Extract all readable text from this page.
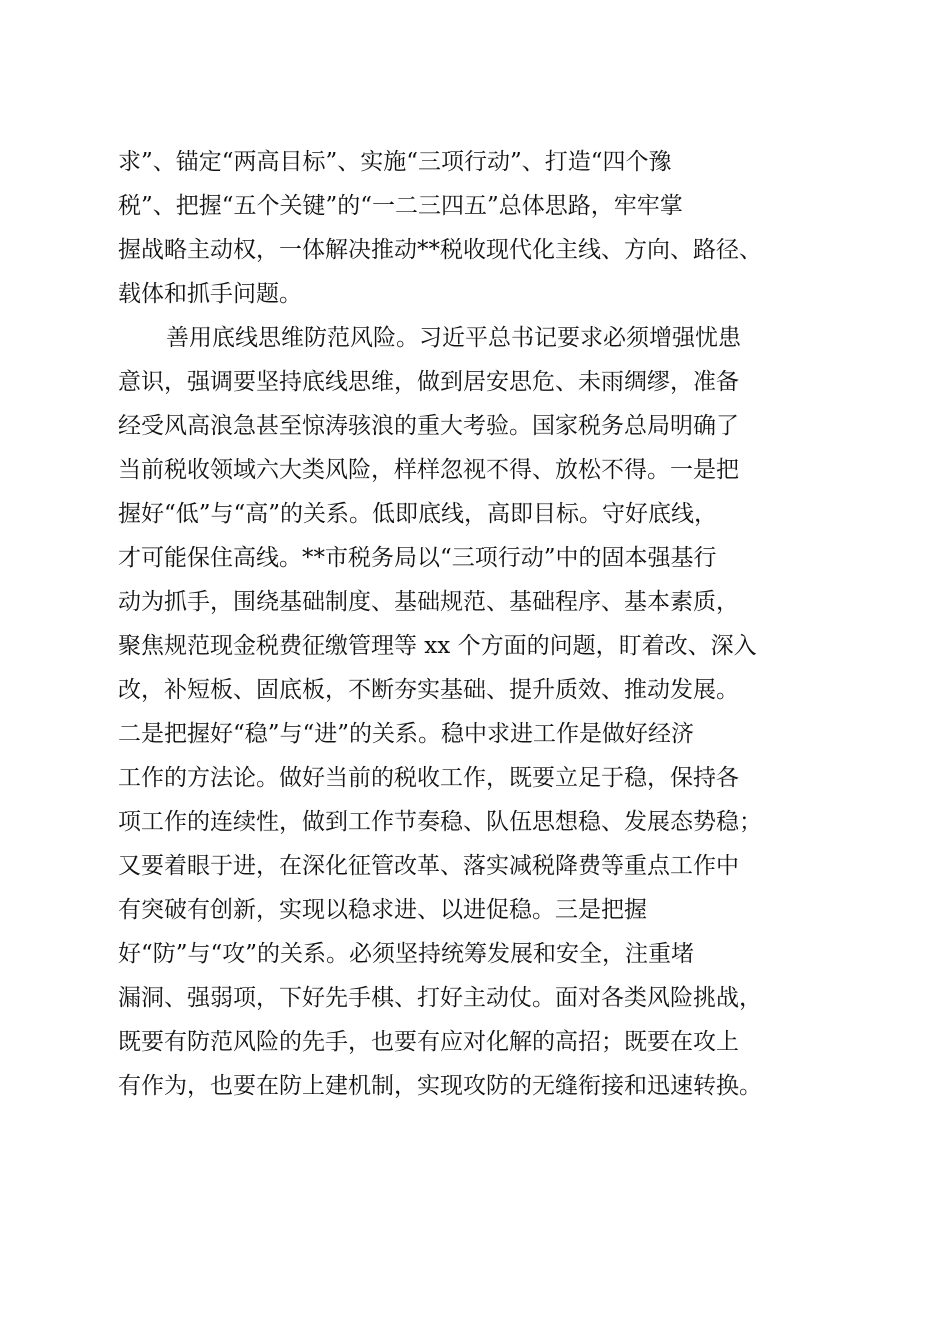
求”、锚定“两高目标”、实施“三项行动”、打造“四个豫
税”、把握“五个关键”的“一二三四五”总体思路，牢牢掌
握战略主动权，一体解决推动**税收现代化主线、方向、路径、
载体和抓手问题。
善用底线思维防范风险。习近平总书记要求必须增强忧患
意识，强调要坚持底线思维，做到居安思危、未雨绸缪，准备
经受风高浪急甚至惊涛骇浪的重大考验。国家税务总局明确了
当前税收领域六大类风险，样样忽视不得、放松不得。一是把
握好“低”与“高”的关系。低即底线，高即目标。守好底线，
才可能保住高线。**市税务局以“三项行动”中的固本强基行
动为抓手，围绕基础制度、基础规范、基础程序、基本素质，
聚焦规范现金税费征缴管理等 xx 个方面的问题，盯着改、深入
改，补短板、固底板，不断夯实基础、提升质效、推动发展。
二是把握好“稳”与“进”的关系。稳中求进工作是做好经济
工作的方法论。做好当前的税收工作，既要立足于稳，保持各
项工作的连续性，做到工作节奏稳、队伍思想稳、发展态势稳；
又要着眼于进，在深化征管改革、落实减税降费等重点工作中
有突破有创新，实现以稳求进、以进促稳。三是把握
好“防”与“攻”的关系。必须坚持统筹发展和安全，注重堵
漏洞、强弱项，下好先手棋、打好主动仗。面对各类风险挑战，
既要有防范风险的先手，也要有应对化解的高招；既要在攻上
有作为，也要在防上建机制，实现攻防的无缝衔接和迅速转换。
